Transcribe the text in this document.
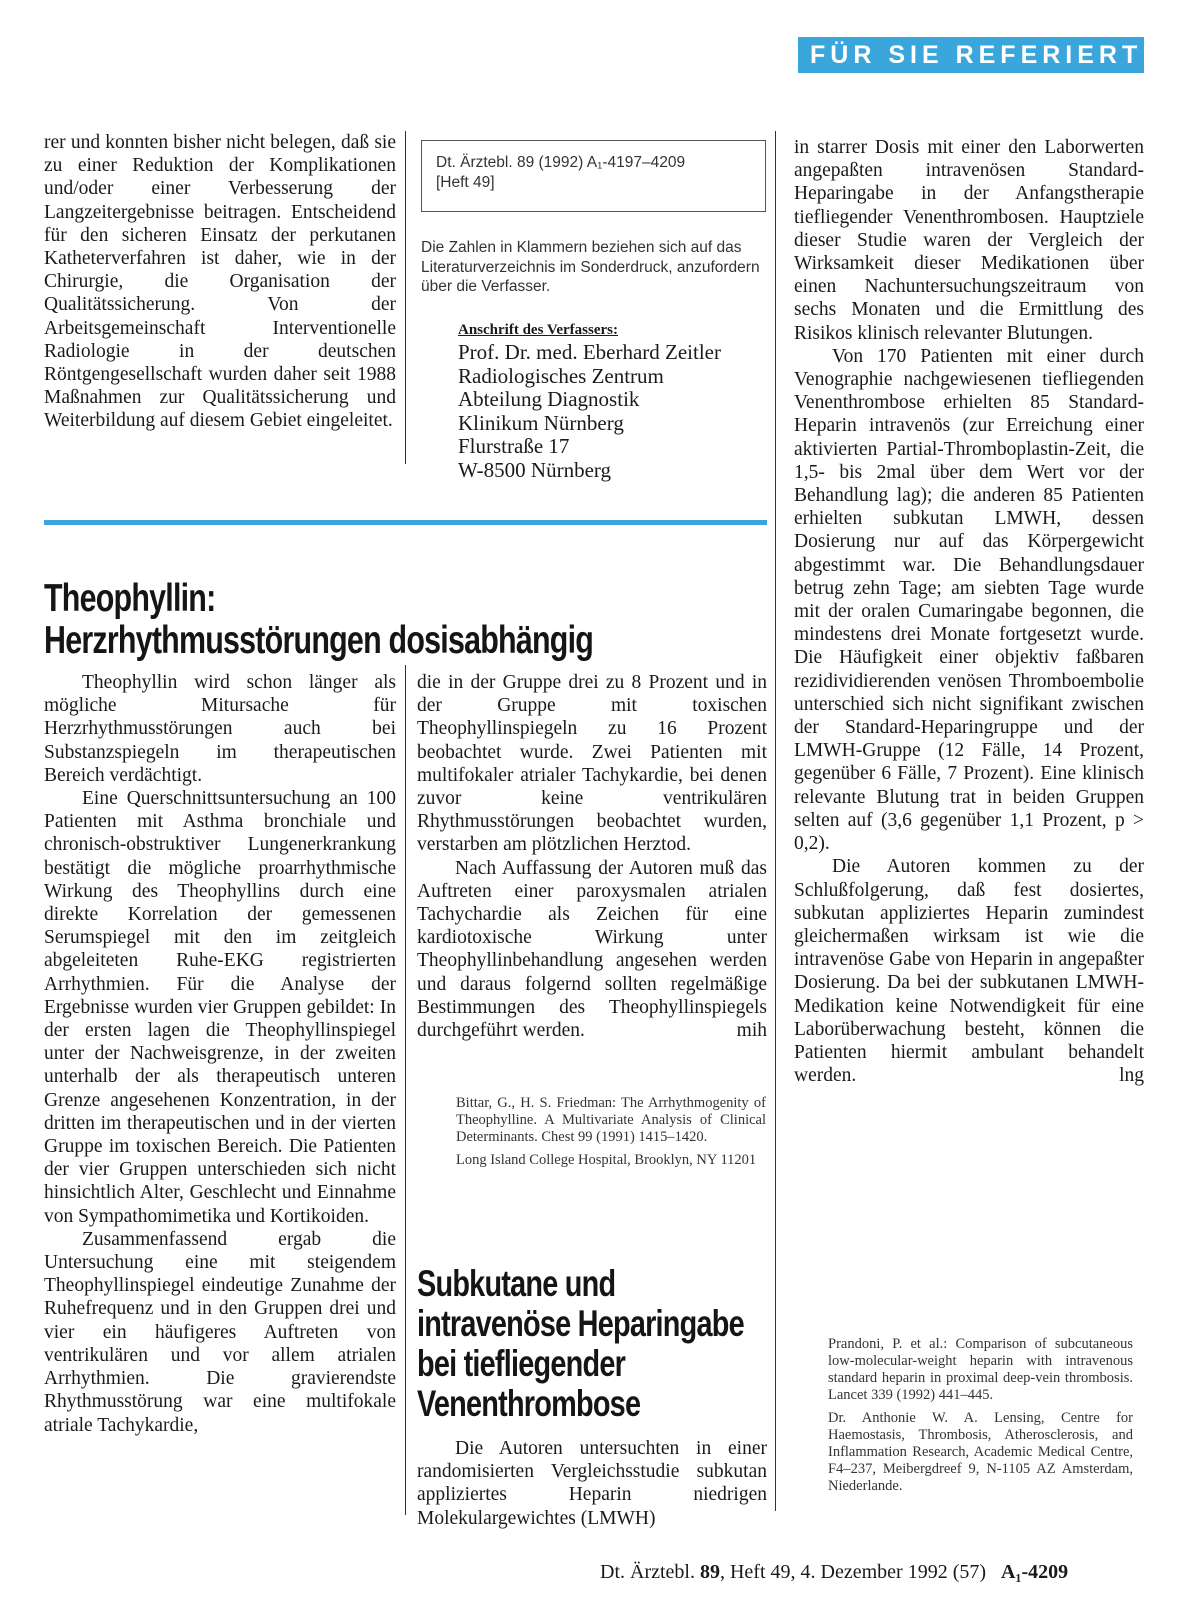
FÜR SIE REFERIERT

rer und konnten bisher nicht belegen, daß sie zu einer Reduktion der Komplikationen und/oder einer Verbesserung der Langzeitergebnisse beitragen. Entscheidend für den sicheren Einsatz der perkutanen Katheterverfahren ist daher, wie in der Chirurgie, die Organisation der Qualitätssicherung. Von der Arbeitsgemeinschaft Interventionelle Radiologie in der deutschen Röntgengesellschaft wurden daher seit 1988 Maßnahmen zur Qualitätssicherung und Weiterbildung auf diesem Gebiet eingeleitet.

Dt. Ärztebl. 89 (1992) A₁-4197–4209
[Heft 49]
Die Zahlen in Klammern beziehen sich auf das Literaturverzeichnis im Sonderdruck, anzufordern über die Verfasser.
Anschrift des Verfassers:
Prof. Dr. med. Eberhard Zeitler
Radiologisches Zentrum
Abteilung Diagnostik
Klinikum Nürnberg
Flurstraße 17
W-8500 Nürnberg
Theophyllin:
Herzrhythmusstörungen dosisabhängig

Theophyllin wird schon länger als mögliche Mitursache für Herzrhythmusstörungen auch bei Substanzspiegeln im therapeutischen Bereich verdächtigt.

Eine Querschnittsuntersuchung an 100 Patienten mit Asthma bronchiale und chronisch-obstruktiver Lungenerkrankung bestätigt die mögliche proarrhythmische Wirkung des Theophyllins durch eine direkte Korrelation der gemessenen Serumspiegel mit den im zeitgleich abgeleiteten Ruhe-EKG registrierten Arrhythmien. Für die Analyse der Ergebnisse wurden vier Gruppen gebildet: In der ersten lagen die Theophyllinspiegel unter der Nachweisgrenze, in der zweiten unterhalb der als therapeutisch unteren Grenze angesehenen Konzentration, in der dritten im therapeutischen und in der vierten Gruppe im toxischen Bereich. Die Patienten der vier Gruppen unterschieden sich nicht hinsichtlich Alter, Geschlecht und Einnahme von Sympathomimetika und Kortikoiden.

Zusammenfassend ergab die Untersuchung eine mit steigendem Theophyllinspiegel eindeutige Zunahme der Ruhefrequenz und in den Gruppen drei und vier ein häufigeres Auftreten von ventrikulären und vor allem atrialen Arrhythmien. Die gravierendste Rhythmusstörung war eine multifokale atriale Tachykardie,

die in der Gruppe drei zu 8 Prozent und in der Gruppe mit toxischen Theophyllinspiegeln zu 16 Prozent beobachtet wurde. Zwei Patienten mit multifokaler atrialer Tachykardie, bei denen zuvor keine ventrikulären Rhythmusstörungen beobachtet wurden, verstarben am plötzlichen Herztod.

Nach Auffassung der Autoren muß das Auftreten einer paroxysmalen atrialen Tachychardie als Zeichen für eine kardiotoxische Wirkung unter Theophyllinbehandlung angesehen werden und daraus folgernd sollten regelmäßige Bestimmungen des Theophyllinspiegels durchgeführt werden.	mih

Bittar, G., H. S. Friedman: The Arrhythmogenity of Theophylline. A Multivariate Analysis of Clinical Determinants. Chest 99 (1991) 1415–1420.

Long Island College Hospital, Brooklyn, NY 11201

Subkutane und
intravenöse Heparingabe
bei tiefliegender
Venenthrombose

Die Autoren untersuchten in einer randomisierten Vergleichsstudie subkutan appliziertes Heparin niedrigen Molekulargewichtes (LMWH)

in starrer Dosis mit einer den Laborwerten angepaßten intravenösen Standard-Heparingabe in der Anfangstherapie tiefliegender Venenthrombosen. Hauptziele dieser Studie waren der Vergleich der Wirksamkeit dieser Medikationen über einen Nachuntersuchungszeitraum von sechs Monaten und die Ermittlung des Risikos klinisch relevanter Blutungen.

Von 170 Patienten mit einer durch Venographie nachgewiesenen tiefliegenden Venenthrombose erhielten 85 Standard-Heparin intravenös (zur Erreichung einer aktivierten Partial-Thromboplastin-Zeit, die 1,5- bis 2mal über dem Wert vor der Behandlung lag); die anderen 85 Patienten erhielten subkutan LMWH, dessen Dosierung nur auf das Körpergewicht abgestimmt war. Die Behandlungsdauer betrug zehn Tage; am siebten Tage wurde mit der oralen Cumaringabe begonnen, die mindestens drei Monate fortgesetzt wurde. Die Häufigkeit einer objektiv faßbaren rezidividierenden venösen Thromboembolie unterschied sich nicht signifikant zwischen der Standard-Heparingruppe und der LMWH-Gruppe (12 Fälle, 14 Prozent, gegenüber 6 Fälle, 7 Prozent). Eine klinisch relevante Blutung trat in beiden Gruppen selten auf (3,6 gegenüber 1,1 Prozent, p > 0,2).

Die Autoren kommen zu der Schlußfolgerung, daß fest dosiertes, subkutan appliziertes Heparin zumindest gleichermaßen wirksam ist wie die intravenöse Gabe von Heparin in angepaßter Dosierung. Da bei der subkutanen LMWH-Medikation keine Notwendigkeit für eine Laborüberwachung besteht, können die Patienten hiermit ambulant behandelt werden.	lng

Prandoni, P. et al.: Comparison of subcutaneous low-molecular-weight heparin with intravenous standard heparin in proximal deep-vein thrombosis. Lancet 339 (1992) 441–445.

Dr. Anthonie W. A. Lensing, Centre for Haemostasis, Thrombosis, Atherosclerosis, and Inflammation Research, Academic Medical Centre, F4–237, Meibergdreef 9, N-1105 AZ Amsterdam, Niederlande.

Dt. Ärztebl. 89, Heft 49, 4. Dezember 1992 (57) A₁-4209
